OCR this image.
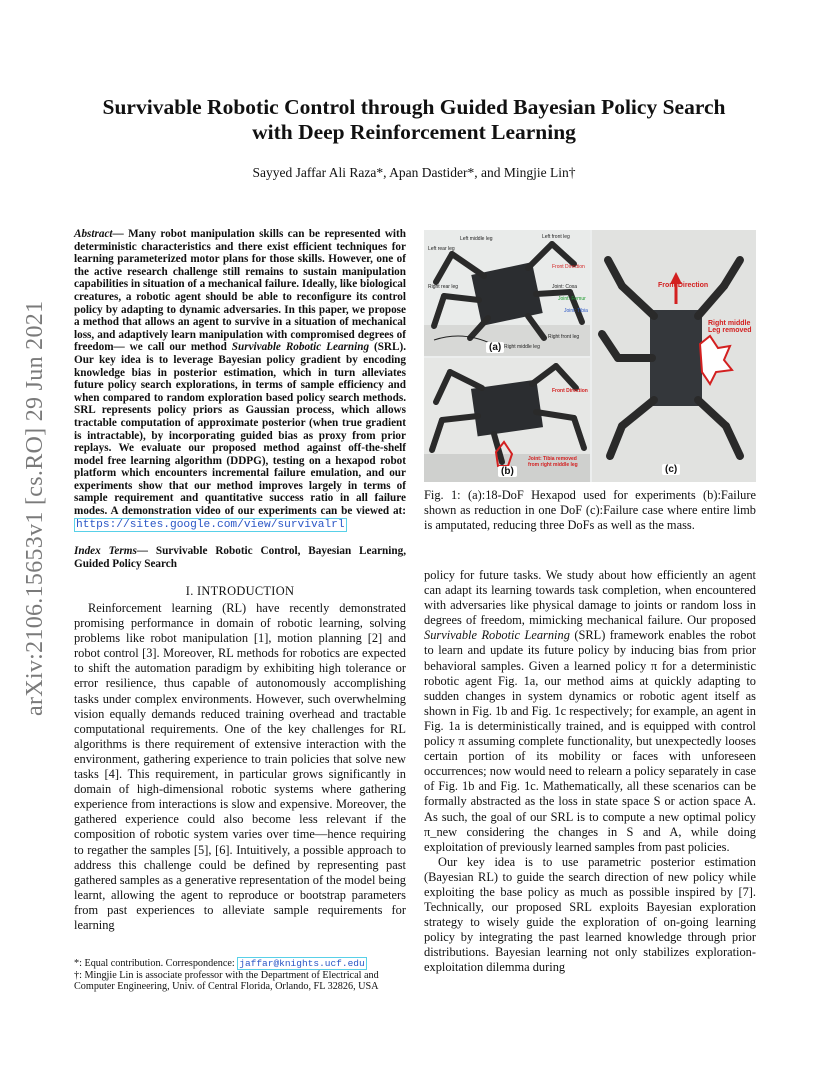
Survivable Robotic Control through Guided Bayesian Policy Search
with Deep Reinforcement Learning
Sayyed Jaffar Ali Raza*, Apan Dastider*, and Mingjie Lin†
arXiv:2106.15653v1 [cs.RO] 29 Jun 2021
Abstract— Many robot manipulation skills can be represented with deterministic characteristics and there exist efficient techniques for learning parameterized motor plans for those skills. However, one of the active research challenge still remains to sustain manipulation capabilities in situation of a mechanical failure. Ideally, like biological creatures, a robotic agent should be able to reconfigure its control policy by adapting to dynamic adversaries. In this paper, we propose a method that allows an agent to survive in a situation of mechanical loss, and adaptively learn manipulation with compromised degrees of freedom— we call our method Survivable Robotic Learning (SRL). Our key idea is to leverage Bayesian policy gradient by encoding knowledge bias in posterior estimation, which in turn alleviates future policy search explorations, in terms of sample efficiency and when compared to random exploration based policy search methods. SRL represents policy priors as Gaussian process, which allows tractable computation of approximate posterior (when true gradient is intractable), by incorporating guided bias as proxy from prior replays. We evaluate our proposed method against off-the-shelf model free learning algorithm (DDPG), testing on a hexapod robot platform which encounters incremental failure emulation, and our experiments show that our method improves largely in terms of sample requirement and quantitative success ratio in all failure modes. A demonstration video of our experiments can be viewed at: https://sites.google.com/view/survivalrl
Index Terms— Survivable Robotic Control, Bayesian Learning, Guided Policy Search
I. INTRODUCTION

Reinforcement learning (RL) have recently demonstrated promising performance in domain of robotic learning, solving problems like robot manipulation [1], motion planning [2] and robot control [3]. Moreover, RL methods for robotics are expected to shift the automation paradigm by exhibiting high tolerance or error resilience, thus capable of autonomously accomplishing tasks under complex environments. However, such overwhelming vision equally demands reduced training overhead and tractable computational requirements. One of the key challenges for RL algorithms is there requirement of extensive interaction with the environment, gathering experience to train policies that solve new tasks [4]. This requirement, in particular grows significantly in domain of high-dimensional robotic systems where gathering experience from interactions is slow and expensive. Moreover, the gathered experience could also become less relevant if the composition of robotic system varies over time—hence requiring to regather the samples [5], [6]. Intuitively, a possible approach to address this challenge could be defined by representing past gathered samples as a generative representation of the model being learnt, allowing the agent to reproduce or bootstrap parameters from past experiences to alleviate sample requirements for learning

*: Equal contribution. Correspondence: jaffar@knights.ucf.edu
†: Mingjie Lin is associate professor with the Department of Electrical and Computer Engineering, Univ. of Central Florida, Orlando, FL 32826, USA
Left middle leg	Left front leg
Left rear leg
Front Direction
Right rear leg	Joint: Coxa
Joint: Femur
Joint: Tibia
Right front leg
Right middle leg
(a)
Front Direction
Joint: Tibia removed from right middle leg
(b)
Front Direction
Right middle Leg removed
(c)
Fig. 1: (a):18-DoF Hexapod used for experiments (b):Failure shown as reduction in one DoF (c):Failure case where entire limb is amputated, reducing three DoFs as well as the mass.

policy for future tasks. We study about how efficiently an agent can adapt its learning towards task completion, when encountered with adversaries like physical damage to joints or random loss in degrees of freedom, mimicking mechanical failure. Our proposed Survivable Robotic Learning (SRL) framework enables the robot to learn and update its future policy by inducing bias from prior behavioral samples. Given a learned policy π for a deterministic robotic agent Fig. 1a, our method aims at quickly adapting to sudden changes in system dynamics or robotic agent itself as shown in Fig. 1b and Fig. 1c respectively; for example, an agent in Fig. 1a is deterministically trained, and is equipped with control policy π assuming complete functionality, but unexpectedly looses certain portion of its mobility or faces with unforeseen occurrences; now would need to relearn a policy separately in case of Fig. 1b and Fig. 1c. Mathematically, all these scenarios can be formally abstracted as the loss in state space S or action space A. As such, the goal of our SRL is to compute a new optimal policy π_new considering the changes in S and A, while doing exploitation of previously learned samples from past policies.

Our key idea is to use parametric posterior estimation (Bayesian RL) to guide the search direction of new policy while exploiting the base policy as much as possible inspired by [7]. Technically, our proposed SRL exploits Bayesian exploration strategy to wisely guide the exploration of on-going learning policy by integrating the past learned knowledge through prior distributions. Bayesian learning not only stabilizes exploration-exploitation dilemma during
